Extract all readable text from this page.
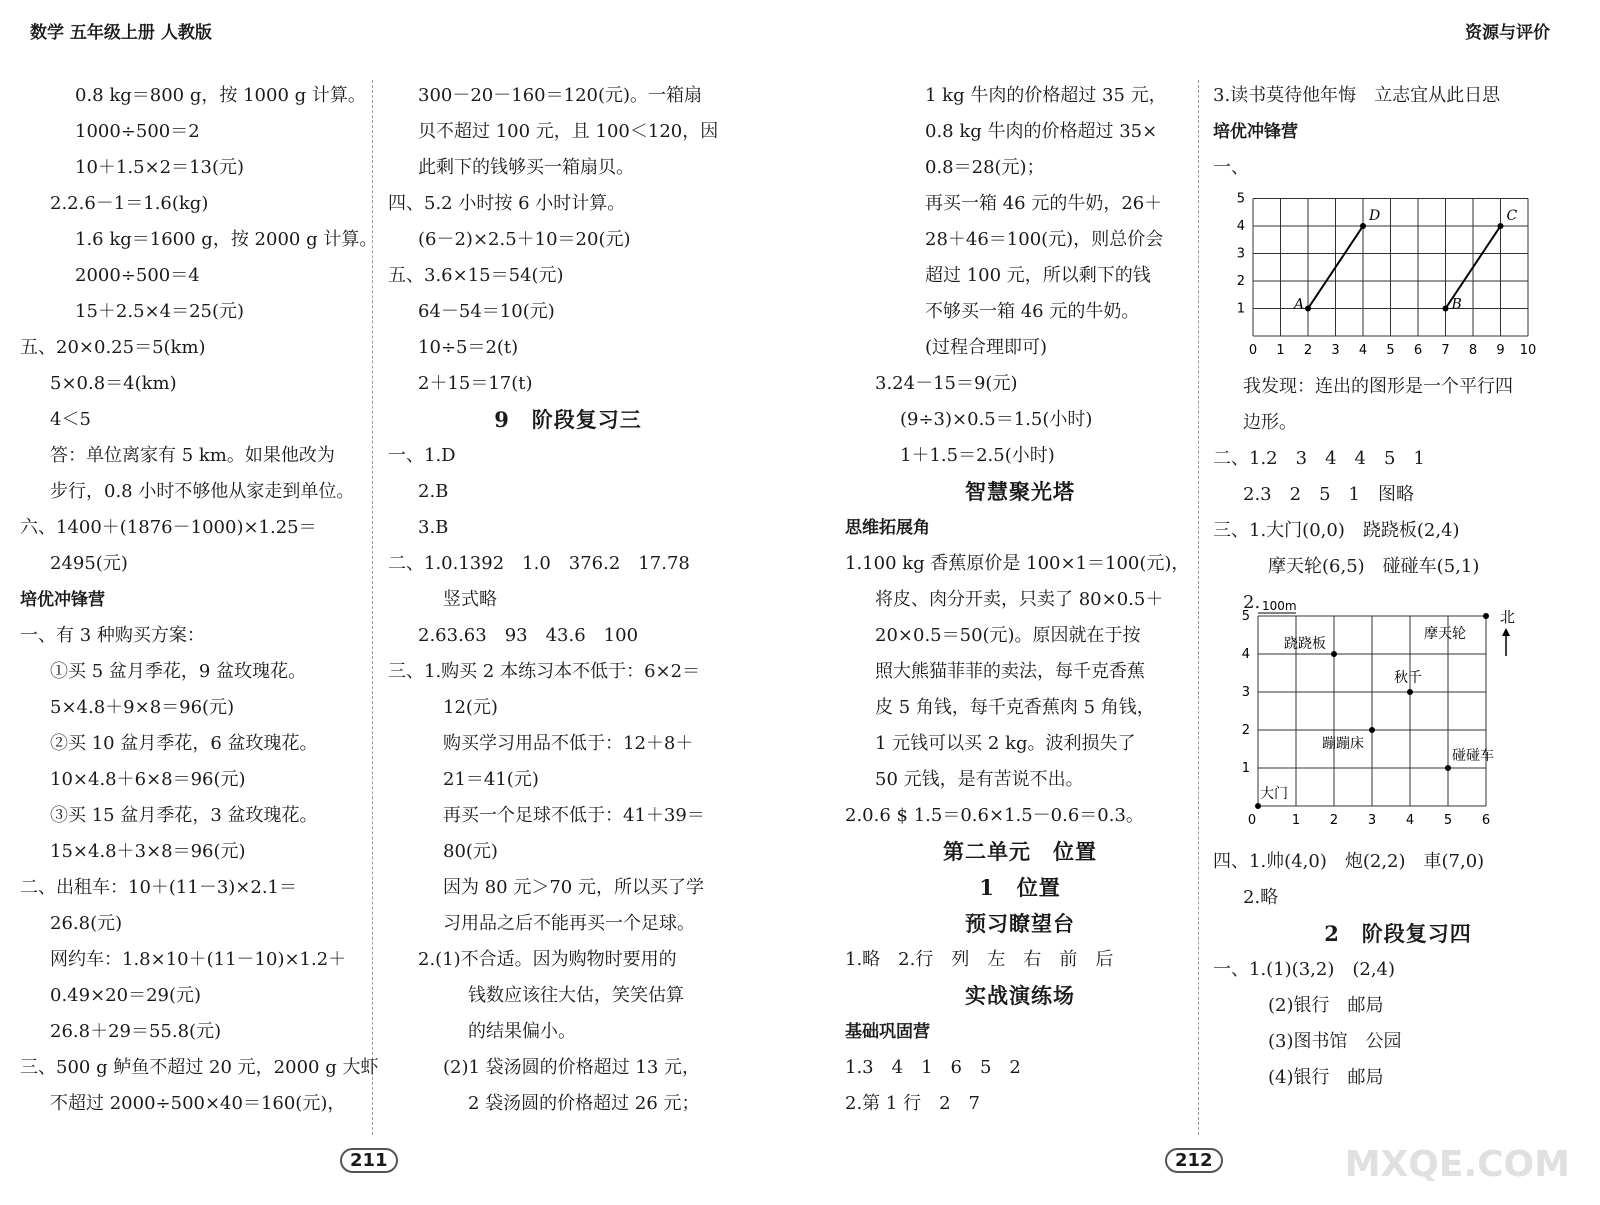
数学 五年级上册 人教版	资源与评价
0.8 kg＝800 g，按 1000 g 计算。
1000÷500＝2
10＋1.5×2＝13(元)
2.2.6－1＝1.6(kg)
1.6 kg＝1600 g，按 2000 g 计算。
2000÷500＝4
15＋2.5×4＝25(元)
五、20×0.25＝5(km)
5×0.8＝4(km)
4＜5
答：单位离家有 5 km。如果他改为
步行，0.8 小时不够他从家走到单位。
六、1400＋(1876－1000)×1.25＝
2495(元)
培优冲锋营
一、有 3 种购买方案：
①买 5 盆月季花，9 盆玫瑰花。
5×4.8＋9×8＝96(元)
②买 10 盆月季花，6 盆玫瑰花。
10×4.8＋6×8＝96(元)
③买 15 盆月季花，3 盆玫瑰花。
15×4.8＋3×8＝96(元)
二、出租车：10＋(11－3)×2.1＝
26.8(元)
网约车：1.8×10＋(11－10)×1.2＋
0.49×20＝29(元)
26.8＋29＝55.8(元)
三、500 g 鲈鱼不超过 20 元，2000 g 大虾
不超过 2000÷500×40＝160(元)，
300－20－160＝120(元)。一箱扇
贝不超过 100 元，且 100＜120，因
此剩下的钱够买一箱扇贝。
四、5.2 小时按 6 小时计算。
(6－2)×2.5＋10＝20(元)
五、3.6×15＝54(元)
64－54＝10(元)
10÷5＝2(t)
2＋15＝17(t)
9　阶段复习三
一、1.D
2.B
3.B
二、1.0.1392　1.0　376.2　17.78
竖式略
2.63.63　93　43.6　100
三、1.购买 2 本练习本不低于：6×2＝
12(元)
购买学习用品不低于：12＋8＋
21＝41(元)
再买一个足球不低于：41＋39＝
80(元)
因为 80 元＞70 元，所以买了学
习用品之后不能再买一个足球。
2.(1)不合适。因为购物时要用的
钱数应该往大估，笑笑估算
的结果偏小。
(2)1 袋汤圆的价格超过 13 元，
2 袋汤圆的价格超过 26 元；
1 kg 牛肉的价格超过 35 元，
0.8 kg 牛肉的价格超过 35×
0.8＝28(元)；
再买一箱 46 元的牛奶，26＋
28＋46＝100(元)，则总价会
超过 100 元，所以剩下的钱
不够买一箱 46 元的牛奶。
(过程合理即可)
3.24－15＝9(元)
(9÷3)×0.5＝1.5(小时)
1＋1.5＝2.5(小时)
智慧聚光塔
思维拓展角
1.100 kg 香蕉原价是 100×1＝100(元)，
将皮、肉分开卖，只卖了 80×0.5＋
20×0.5＝50(元)。原因就在于按
照大熊猫菲菲的卖法，每千克香蕉
皮 5 角钱，每千克香蕉肉 5 角钱，
1 元钱可以买 2 kg。波利损失了
50 元钱，是有苦说不出。
2.0.6 $ 1.5＝0.6×1.5－0.6＝0.3。
第二单元　位置
1　位置
预习瞭望台
1.略　2.行　列　左　右　前　后
实战演练场
基础巩固营
1.3　4　1　6　5　2
2.第 1 行　2　7
3.读书莫待他年悔　立志宜从此日思
培优冲锋营
一、
0 1 2 3 4 5 6 7 8 9 10
1
2
3
4
5
A
D
B
C
我发现：连出的图形是一个平行四
边形。
二、1.2　3　4　4　5　1
2.3　2　5　1　图略
三、1.大门(0,0)　跷跷板(2,4)
摩天轮(6,5)　碰碰车(5,1)
2.
0	1 2 3 4 5 6
1
2
3
4
5
100m
北
跷跷板
摩天轮
秋千
蹦蹦床
碰碰车
大门
四、1.帅(4,0)　炮(2,2)　車(7,0)
2.略
2　阶段复习四
一、1.(1)(3,2)　(2,4)
(2)银行　邮局
(3)图书馆　公园
(4)银行　邮局
211	212	MXQE.COM
